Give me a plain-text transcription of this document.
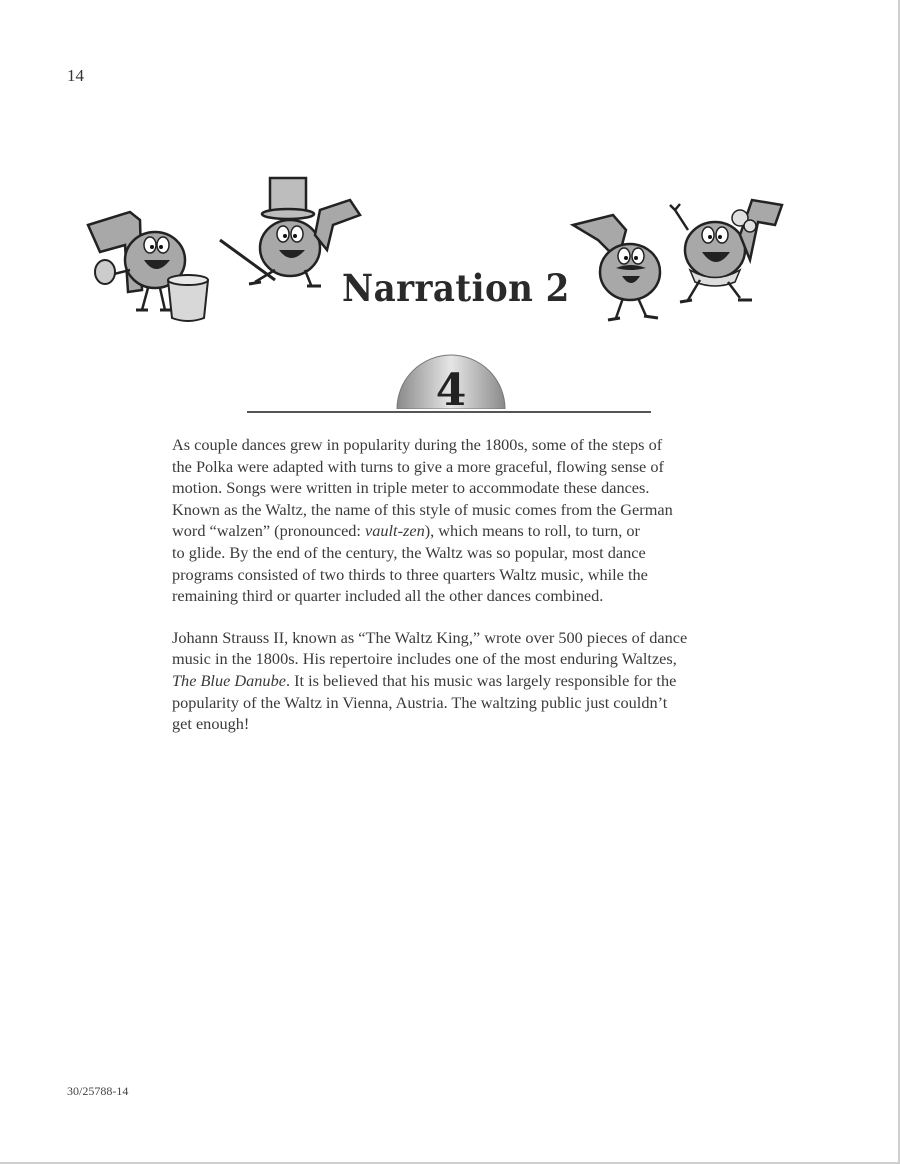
14
Narration 2
4

As couple dances grew in popularity during the 1800s, some of the steps of
the Polka were adapted with turns to give a more graceful, flowing sense of
motion. Songs were written in triple meter to accommodate these dances.
Known as the Waltz, the name of this style of music comes from the German
word “walzen” (pronounced: vault-zen), which means to roll, to turn, or
to glide. By the end of the century, the Waltz was so popular, most dance
programs consisted of two thirds to three quarters Waltz music, while the
remaining third or quarter included all the other dances combined.

Johann Strauss II, known as “The Waltz King,” wrote over 500 pieces of dance
music in the 1800s. His repertoire includes one of the most enduring Waltzes,
The Blue Danube. It is believed that his music was largely responsible for the
popularity of the Waltz in Vienna, Austria. The waltzing public just couldn’t
get enough!

30/25788-14
